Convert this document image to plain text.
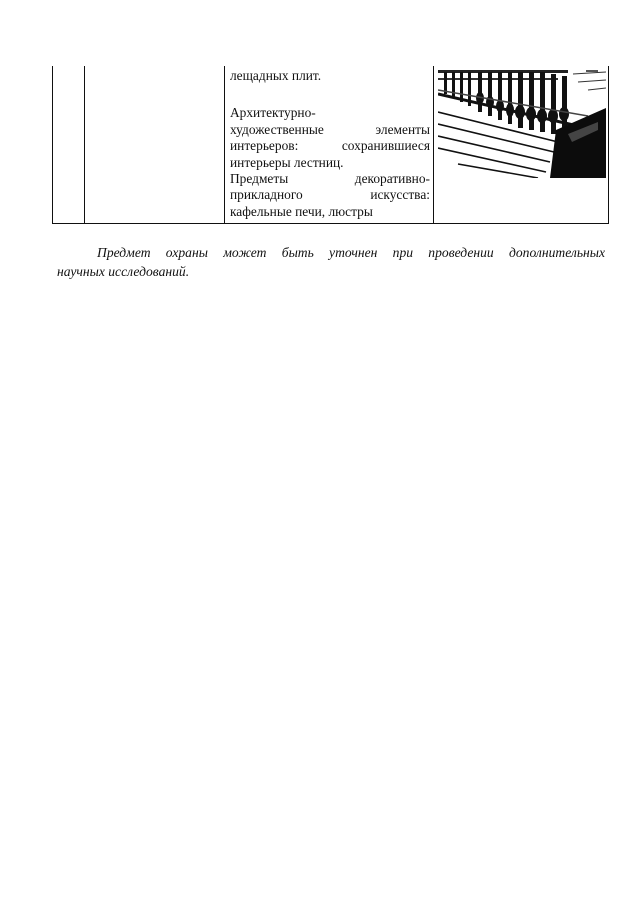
лещадных плит.

Архитектурно-

художественные элементы

интерьеров: сохранившиеся

интерьеры лестниц.

Предметы декоративно-

прикладного искусства:

кафельные печи, люстры

Предмет охраны может быть уточнен при проведении дополнительных
научных исследований.
